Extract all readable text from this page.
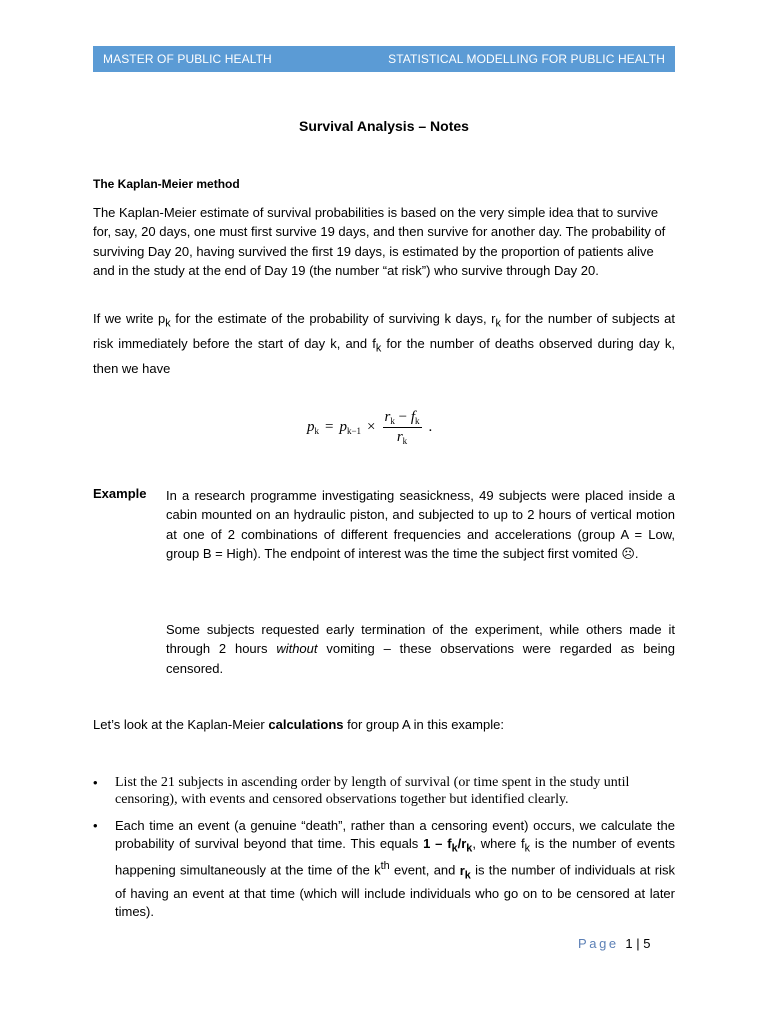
MASTER OF PUBLIC HEALTH	STATISTICAL MODELLING FOR PUBLIC HEALTH
Survival Analysis – Notes
The Kaplan-Meier method

The Kaplan-Meier estimate of survival probabilities is based on the very simple idea that to survive for, say, 20 days, one must first survive 19 days, and then survive for another day. The probability of surviving Day 20, having survived the first 19 days, is estimated by the proportion of patients alive and in the study at the end of Day 19 (the number “at risk”) who survive through Day 20.

If we write $p_k$ for the estimate of the probability of surviving k days, $r_k$ for the number of subjects at risk immediately before the start of day k, and $f_k$ for the number of deaths observed during day k, then we have

$p_k = p_{k-1} \times \frac{r_k - f_k}{r_k}$ .
Example In a research programme investigating seasickness, 49 subjects were placed inside a cabin mounted on an hydraulic piston, and subjected to up to 2 hours of vertical motion at one of 2 combinations of different frequencies and accelerations (group A = Low, group B = High). The endpoint of interest was the time the subject first vomited ☹.

Some subjects requested early termination of the experiment, while others made it through 2 hours without vomiting – these observations were regarded as being censored.

Let’s look at the Kaplan-Meier calculations for group A in this example:

• List the 21 subjects in ascending order by length of survival (or time spent in the study until censoring), with events and censored observations together but identified clearly.

• Each time an event (a genuine “death”, rather than a censoring event) occurs, we calculate the probability of survival beyond that time. This equals $1 - f_k/r_k$, where $f_k$ is the number of events happening simultaneously at the time of the $k^{th}$ event, and $r_k$ is the number of individuals at risk of having an event at that time (which will include individuals who go on to be censored at later times).

Page 1 | 5
